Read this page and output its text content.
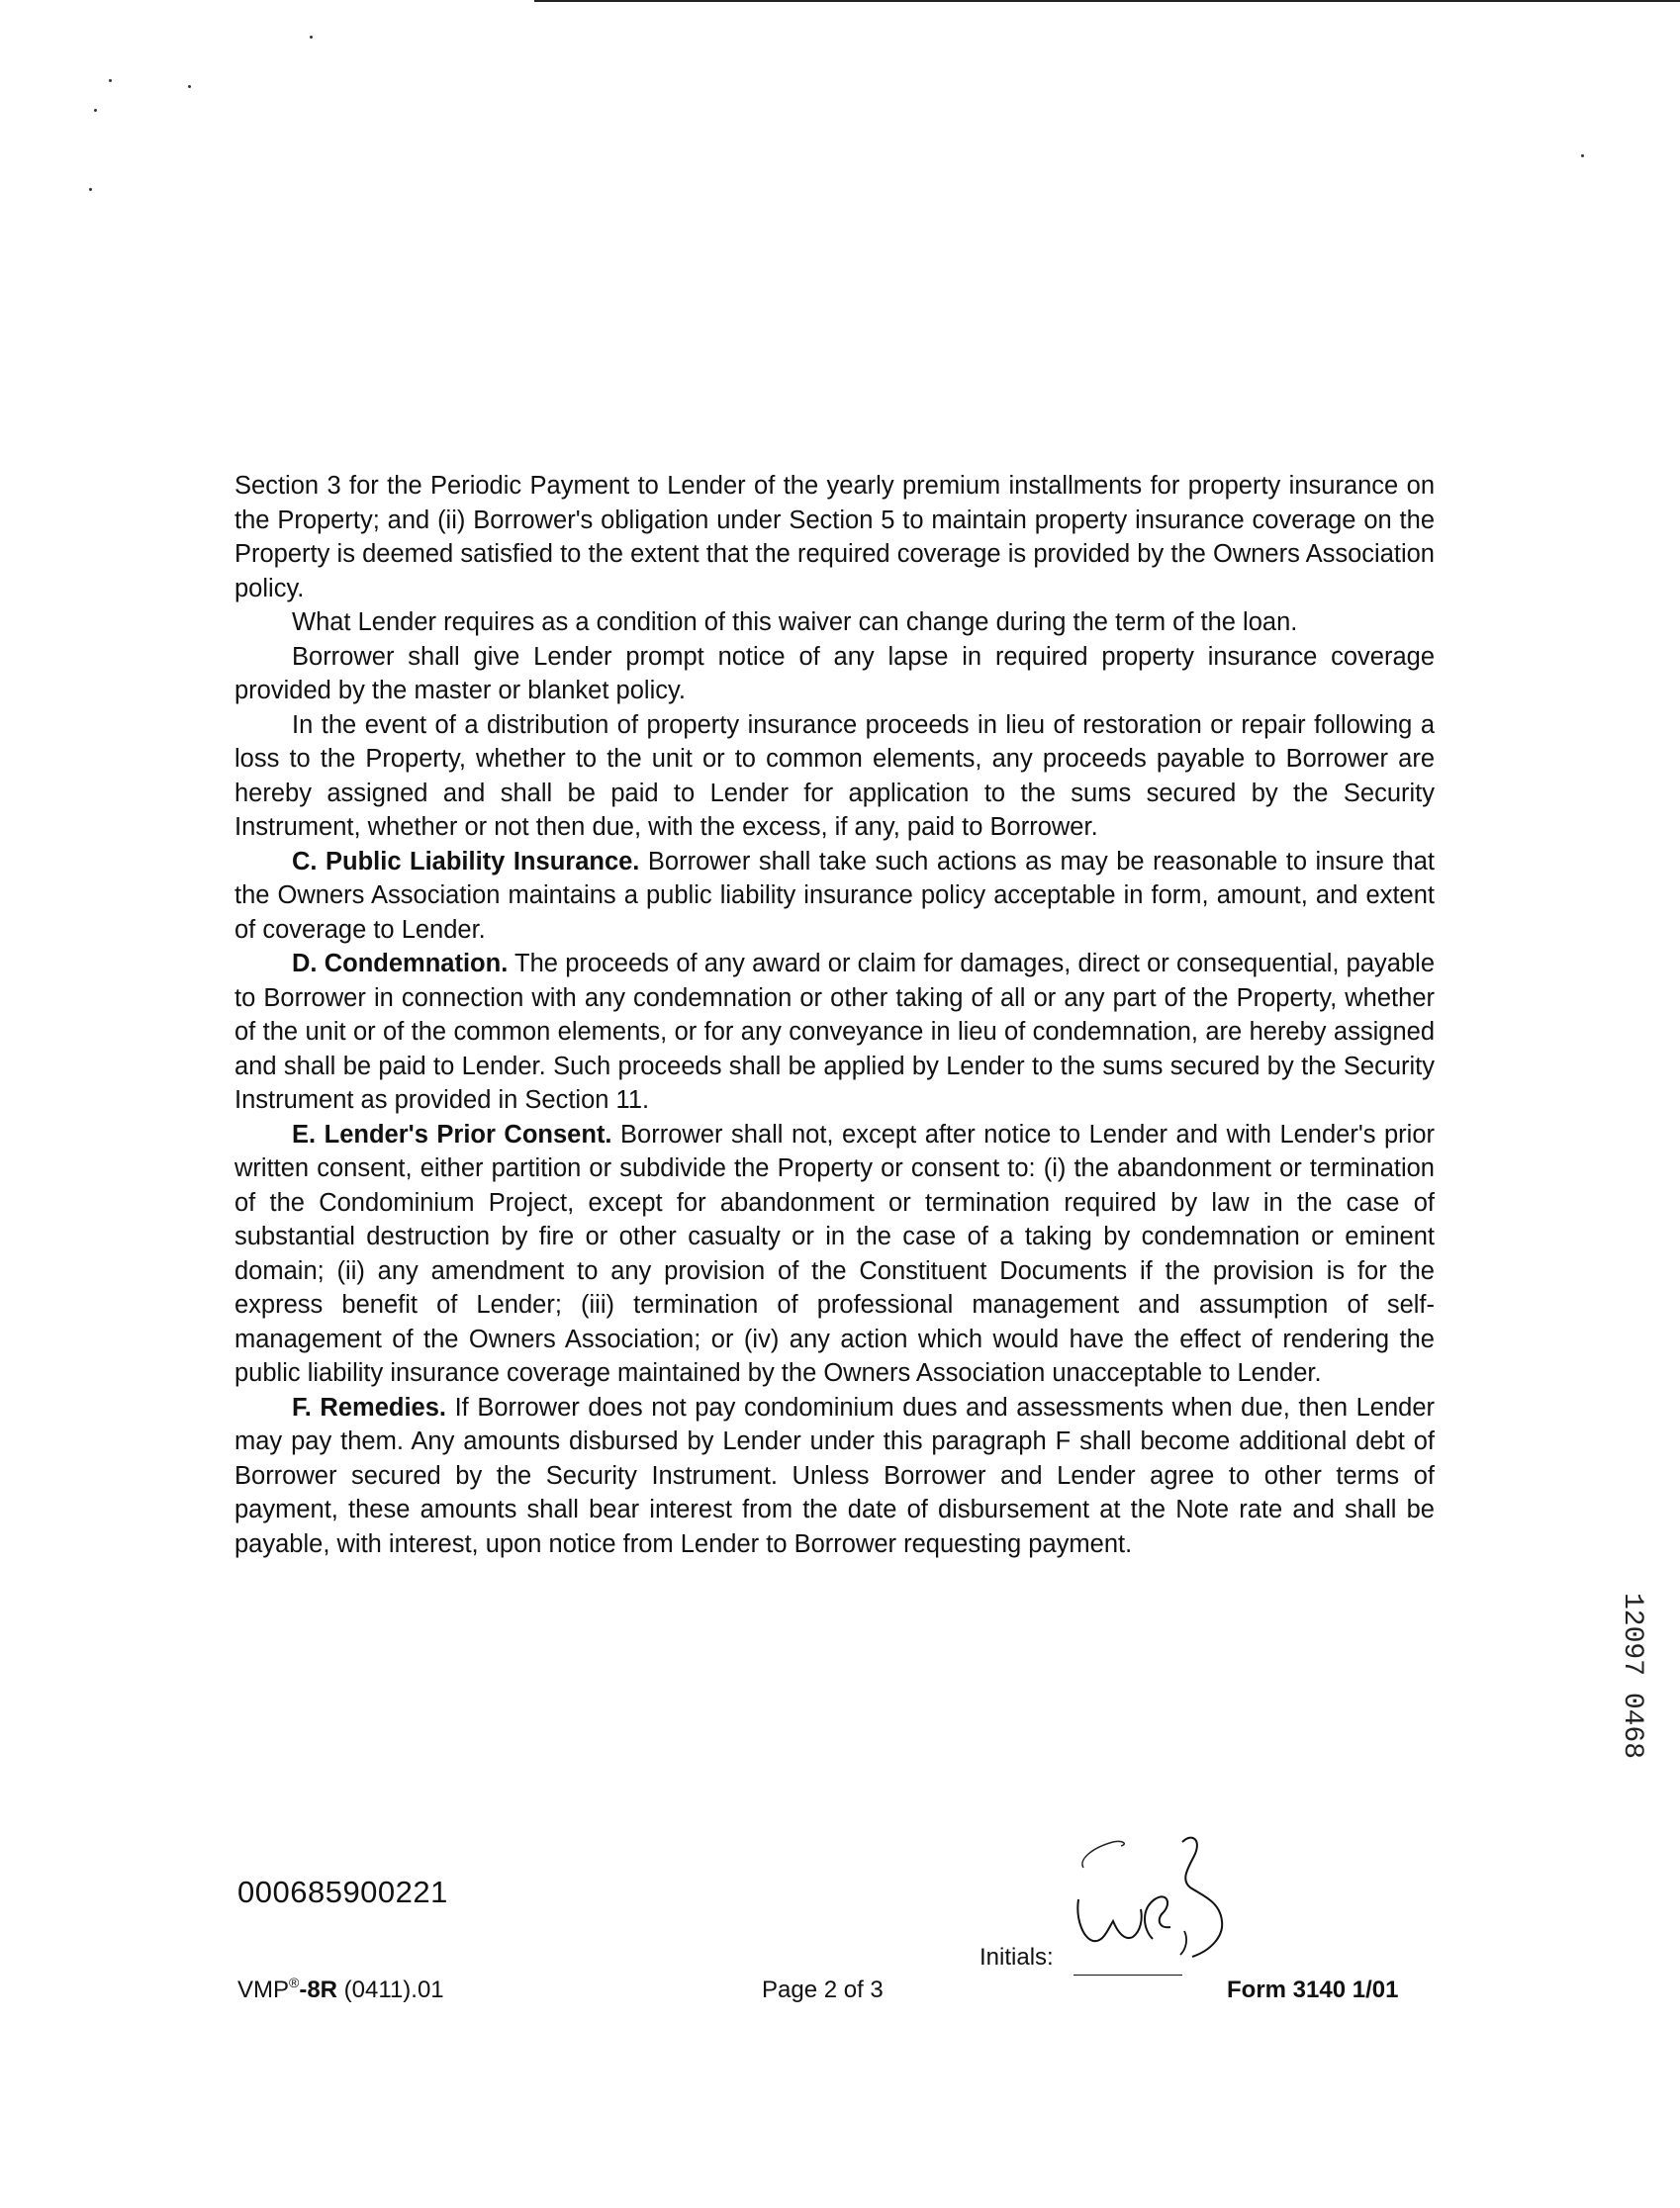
Section 3 for the Periodic Payment to Lender of the yearly premium installments for property insurance on the Property; and (ii) Borrower's obligation under Section 5 to maintain property insurance coverage on the Property is deemed satisfied to the extent that the required coverage is provided by the Owners Association policy.

What Lender requires as a condition of this waiver can change during the term of the loan.

Borrower shall give Lender prompt notice of any lapse in required property insurance coverage provided by the master or blanket policy.

In the event of a distribution of property insurance proceeds in lieu of restoration or repair following a loss to the Property, whether to the unit or to common elements, any proceeds payable to Borrower are hereby assigned and shall be paid to Lender for application to the sums secured by the Security Instrument, whether or not then due, with the excess, if any, paid to Borrower.

C. Public Liability Insurance. Borrower shall take such actions as may be reasonable to insure that the Owners Association maintains a public liability insurance policy acceptable in form, amount, and extent of coverage to Lender.

D. Condemnation. The proceeds of any award or claim for damages, direct or consequential, payable to Borrower in connection with any condemnation or other taking of all or any part of the Property, whether of the unit or of the common elements, or for any conveyance in lieu of condemnation, are hereby assigned and shall be paid to Lender. Such proceeds shall be applied by Lender to the sums secured by the Security Instrument as provided in Section 11.

E. Lender's Prior Consent. Borrower shall not, except after notice to Lender and with Lender's prior written consent, either partition or subdivide the Property or consent to: (i) the abandonment or termination of the Condominium Project, except for abandonment or termination required by law in the case of substantial destruction by fire or other casualty or in the case of a taking by condemnation or eminent domain; (ii) any amendment to any provision of the Constituent Documents if the provision is for the express benefit of Lender; (iii) termination of professional management and assumption of self-management of the Owners Association; or (iv) any action which would have the effect of rendering the public liability insurance coverage maintained by the Owners Association unacceptable to Lender.

F. Remedies. If Borrower does not pay condominium dues and assessments when due, then Lender may pay them. Any amounts disbursed by Lender under this paragraph F shall become additional debt of Borrower secured by the Security Instrument. Unless Borrower and Lender agree to other terms of payment, these amounts shall bear interest from the date of disbursement at the Note rate and shall be payable, with interest, upon notice from Lender to Borrower requesting payment.

000685900221
VMP®-8R (0411).01	Page 2 of 3
Initials:
Form 3140 1/01
12097 0468
